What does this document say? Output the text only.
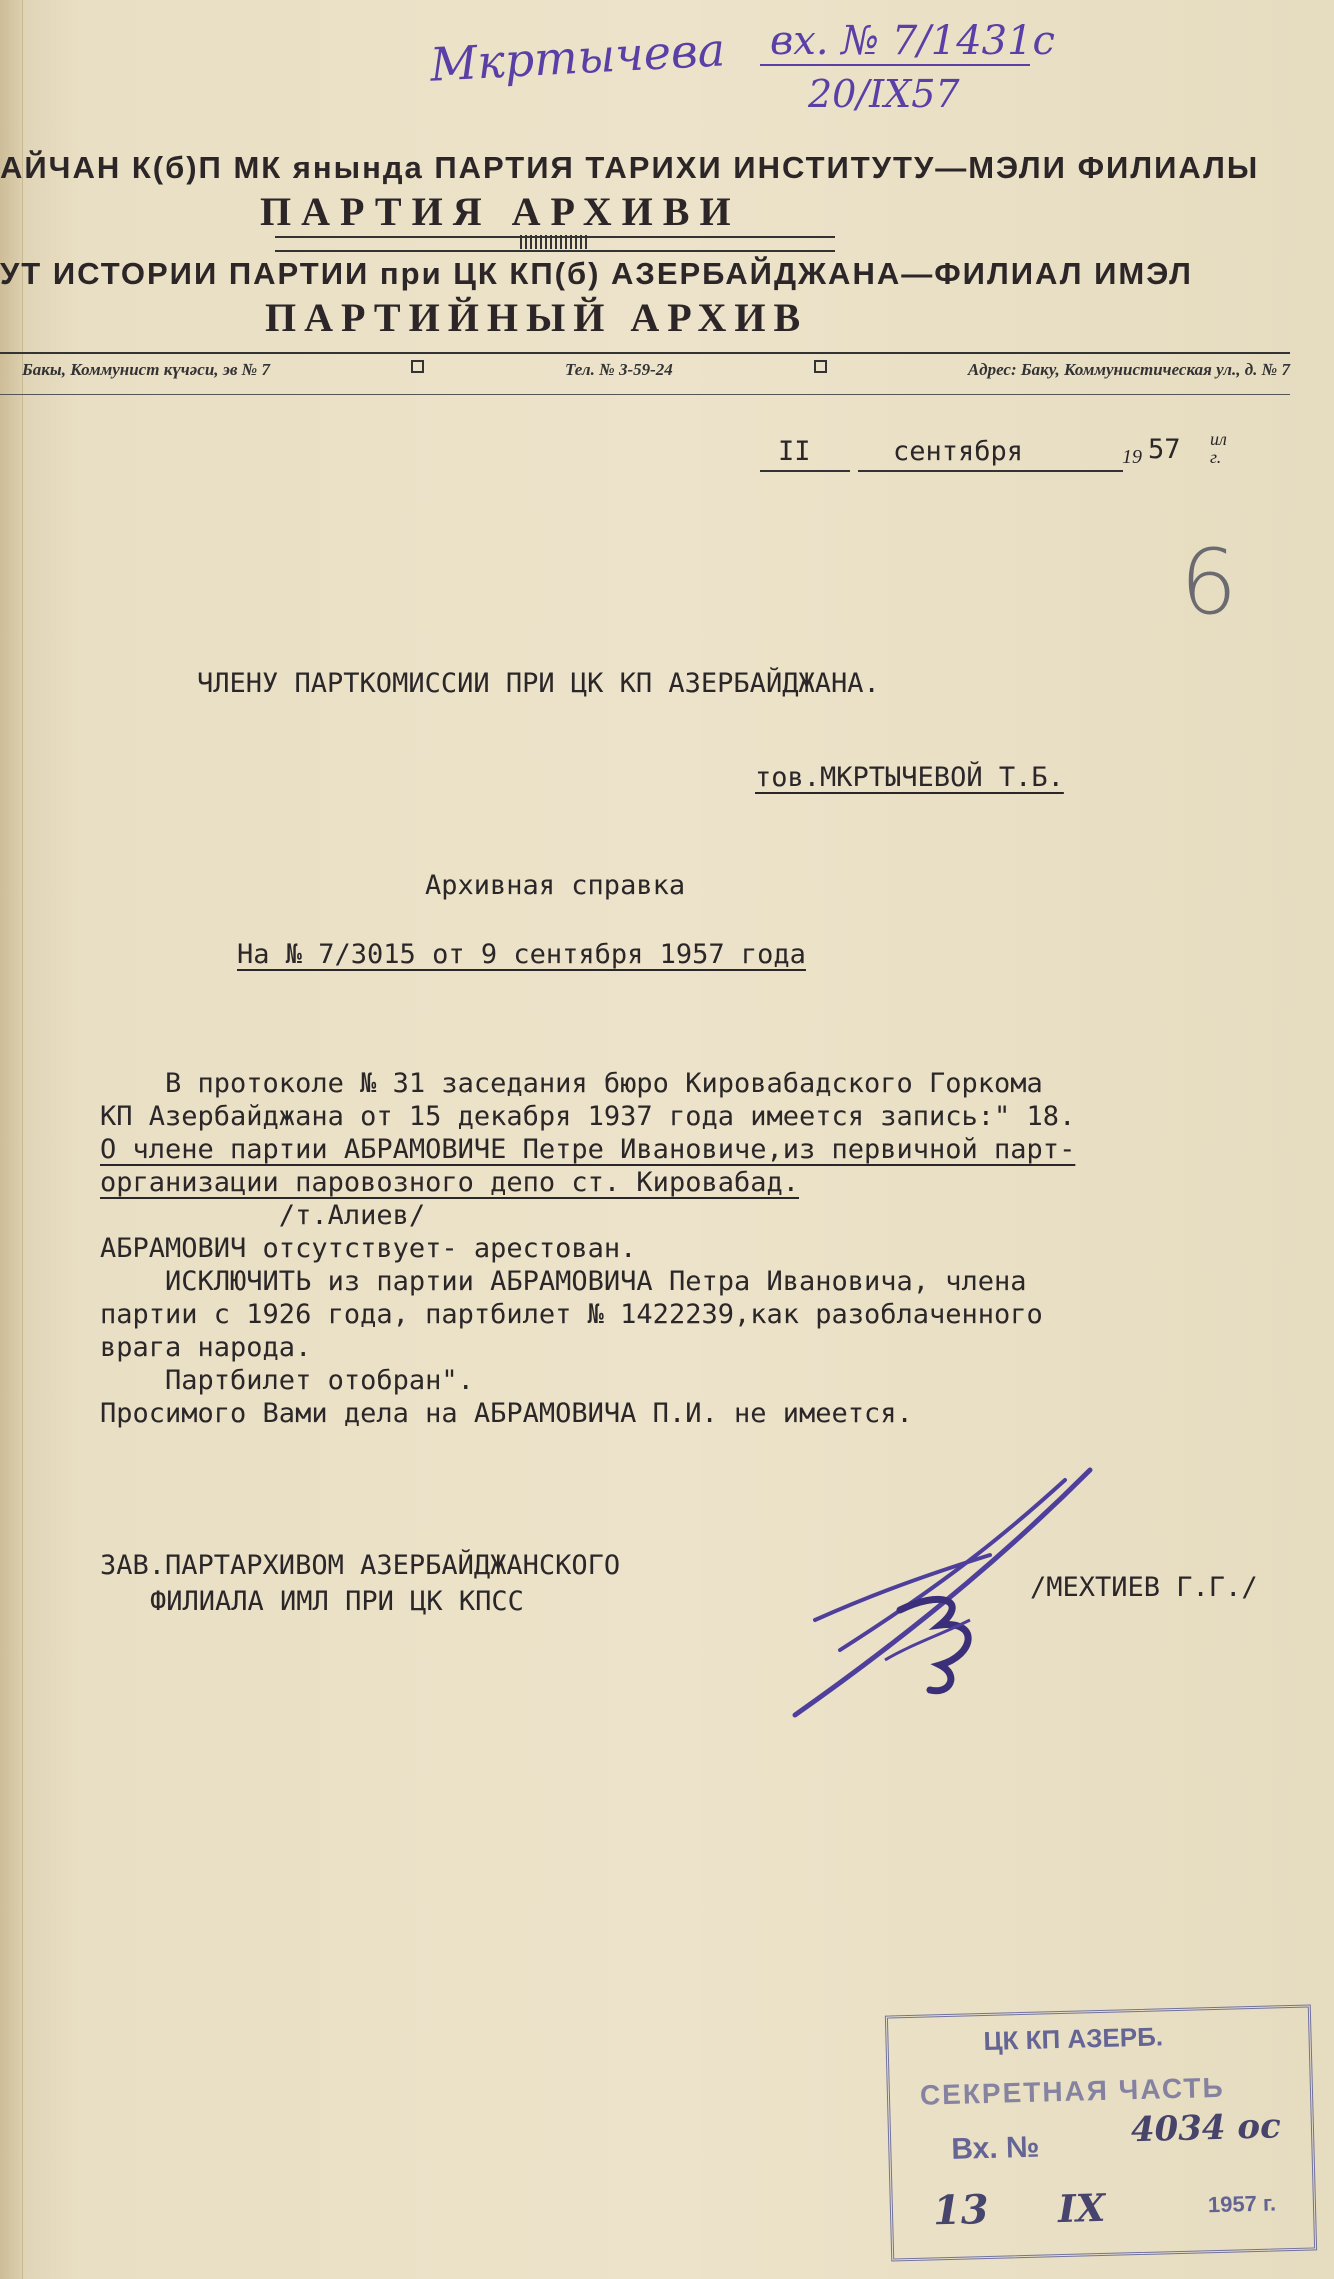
Мкртычева вх. № 7/1431с
20/IX57
6
АЙЧАН К(б)П МК янында ПАРТИЯ ТАРИХИ ИНСТИТУТУ—МЭЛИ ФИЛИАЛЫ
ПАРТИЯ АРХИВИ
УТ ИСТОРИИ ПАРТИИ при ЦК КП(б) АЗЕРБАЙДЖАНА—ФИЛИАЛ ИМЭЛ
ПАРТИЙНЫЙ АРХИВ
Бакы, Коммунист күчәси, эв № 7	Тел. № 3-59-24	Адрес: Баку, Коммунистическая ул., д. № 7
II	сентября	19 57 ил
г.
ЧЛЕНУ ПАРТКОМИССИИ ПРИ ЦК КП АЗЕРБАЙДЖАНА.
тов.МКРТЫЧЕВОЙ Т.Б.
Архивная справка
На № 7/3015 от 9 сентября 1957 года

В протоколе № 31 заседания бюро Кировабадского Горкома
КП Азербайджана от 15 декабря 1937 года имеется запись:" 18.
О члене партии АБРАМОВИЧЕ Петре Ивановиче,из первичной парт-
организации паровозного депо ст. Кировабад.
/т.Алиев/
АБРАМОВИЧ отсутствует- арестован.
ИСКЛЮЧИТЬ из партии АБРАМОВИЧА Петра Ивановича, члена
партии с 1926 года, партбилет № 1422239,как разоблаченного
врага народа.
Партбилет отобран".
Просимого Вами дела на АБРАМОВИЧА П.И. не имеется.

ЗАВ.ПАРТАРХИВОМ АЗЕРБАЙДЖАНСКОГО
ФИЛИАЛА ИМЛ ПРИ ЦК КПСС	/МЕХТИЕВ Г.Г./
ЦК КП АЗЕРБ.
СЕКРЕТНАЯ ЧАСТЬ
Вх. №	4034 ос
13 IX	1957 г.
